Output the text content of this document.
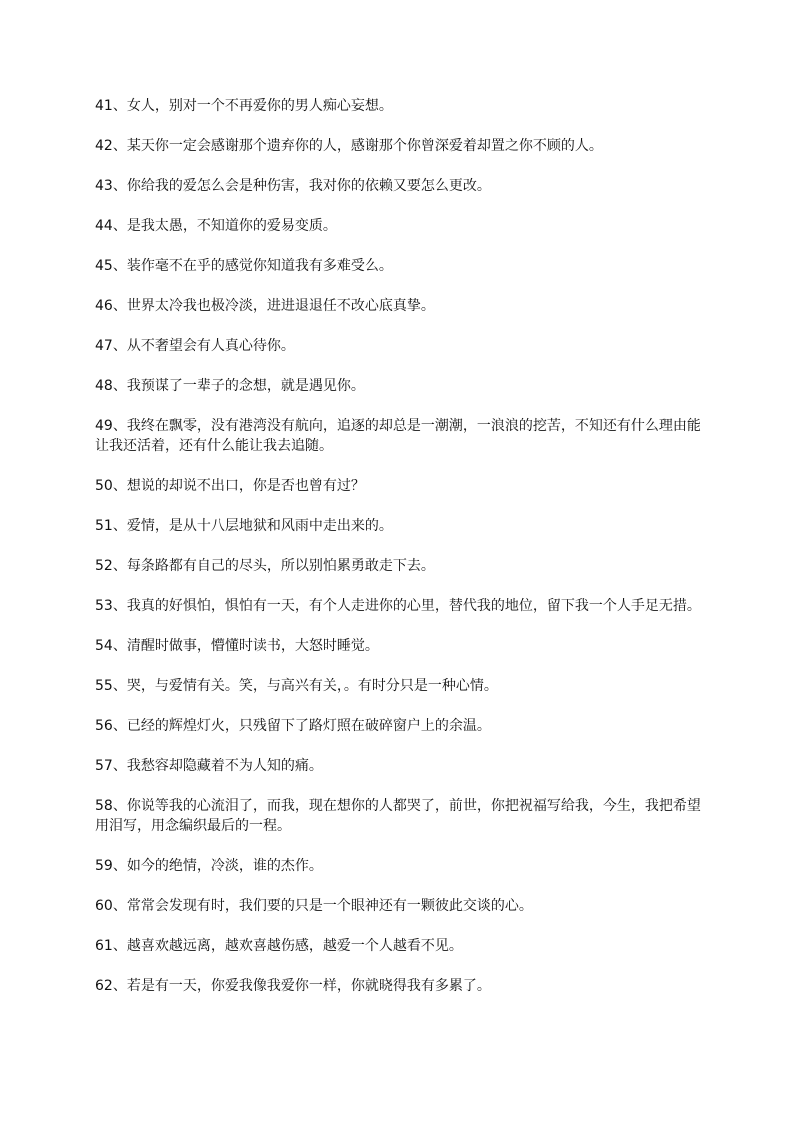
41、女人，别对一个不再爱你的男人痴心妄想。

42、某天你一定会感谢那个遗弃你的人，感谢那个你曾深爱着却置之你不顾的人。

43、你给我的爱怎么会是种伤害，我对你的依赖又要怎么更改。

44、是我太愚，不知道你的爱易变质。

45、装作毫不在乎的感觉你知道我有多难受么。

46、世界太冷我也极冷淡，进进退退任不改心底真挚。

47、从不奢望会有人真心待你。

48、我预谋了一辈子的念想，就是遇见你。

49、我终在飘零，没有港湾没有航向，追逐的却总是一潮潮，一浪浪的挖苦，不知还有什么理由能让我还活着，还有什么能让我去追随。

50、想说的却说不出口，你是否也曾有过？

51、爱情，是从十八层地狱和风雨中走出来的。

52、每条路都有自己的尽头，所以别怕累勇敢走下去。

53、我真的好惧怕，惧怕有一天，有个人走进你的心里，替代我的地位，留下我一个人手足无措。

54、清醒时做事，懵懂时读书，大怒时睡觉。

55、哭，与爱情有关。笑，与高兴有关，。有时分只是一种心情。

56、已经的辉煌灯火，只残留下了路灯照在破碎窗户上的余温。

57、我愁容却隐藏着不为人知的痛。

58、你说等我的心流泪了，而我，现在想你的人都哭了，前世，你把祝福写给我，今生，我把希望用泪写，用念编织最后的一程。

59、如今的绝情，冷淡，谁的杰作。

60、常常会发现有时，我们要的只是一个眼神还有一颗彼此交谈的心。

61、越喜欢越远离，越欢喜越伤感，越爱一个人越看不见。

62、若是有一天，你爱我像我爱你一样，你就晓得我有多累了。
